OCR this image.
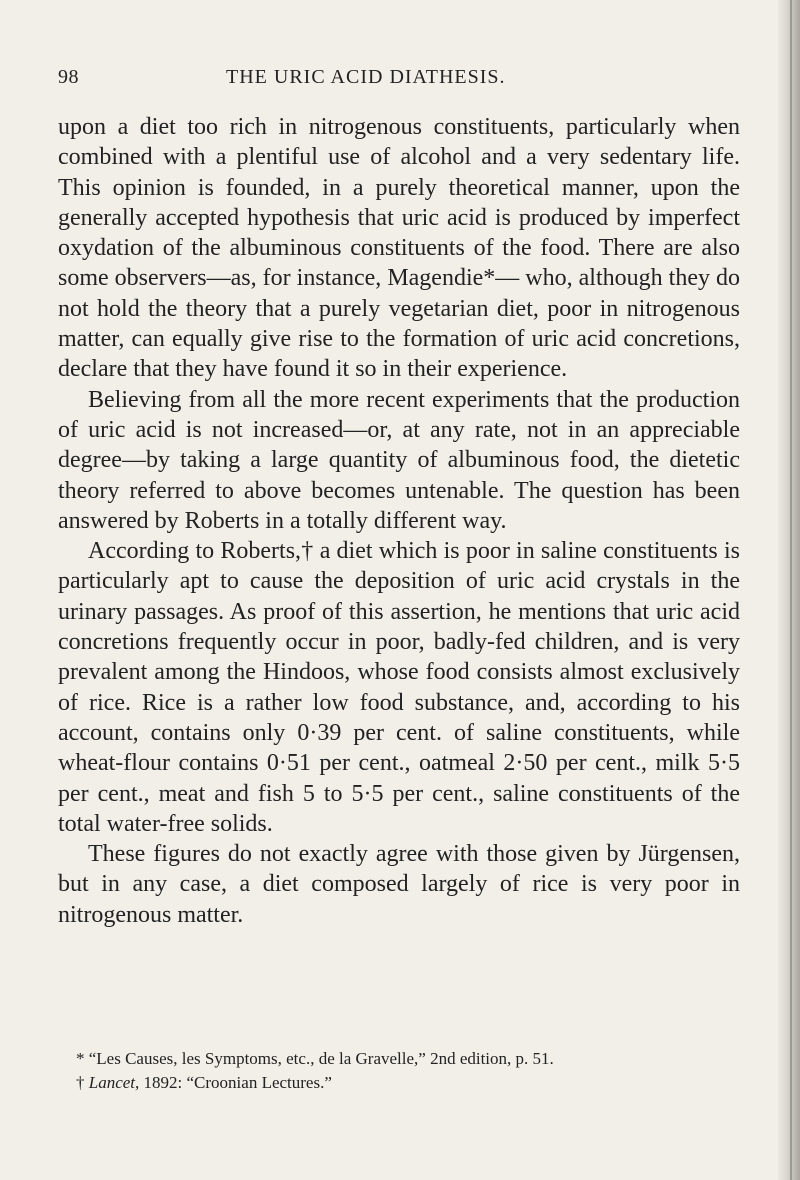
98	THE URIC ACID DIATHESIS.

upon a diet too rich in nitrogenous constituents, particularly when combined with a plentiful use of alcohol and a very sedentary life. This opinion is founded, in a purely theoretical manner, upon the generally accepted hypothesis that uric acid is produced by imperfect oxydation of the albuminous constituents of the food. There are also some observers—as, for instance, Magendie*— who, although they do not hold the theory that a purely vegetarian diet, poor in nitrogenous matter, can equally give rise to the formation of uric acid concretions, declare that they have found it so in their experience.

Believing from all the more recent experiments that the production of uric acid is not increased—or, at any rate, not in an appreciable degree—by taking a large quantity of albuminous food, the dietetic theory referred to above becomes untenable. The question has been answered by Roberts in a totally different way.

According to Roberts,† a diet which is poor in saline constituents is particularly apt to cause the deposition of uric acid crystals in the urinary passages. As proof of this assertion, he mentions that uric acid concretions frequently occur in poor, badly-fed children, and is very prevalent among the Hindoos, whose food consists almost exclusively of rice. Rice is a rather low food substance, and, according to his account, contains only 0·39 per cent. of saline constituents, while wheat-flour contains 0·51 per cent., oatmeal 2·50 per cent., milk 5·5 per cent., meat and fish 5 to 5·5 per cent., saline constituents of the total water-free solids.

These figures do not exactly agree with those given by Jürgensen, but in any case, a diet composed largely of rice is very poor in nitrogenous matter.

* “Les Causes, les Symptoms, etc., de la Gravelle,” 2nd edition, p. 51.
† Lancet, 1892: “Croonian Lectures.”
